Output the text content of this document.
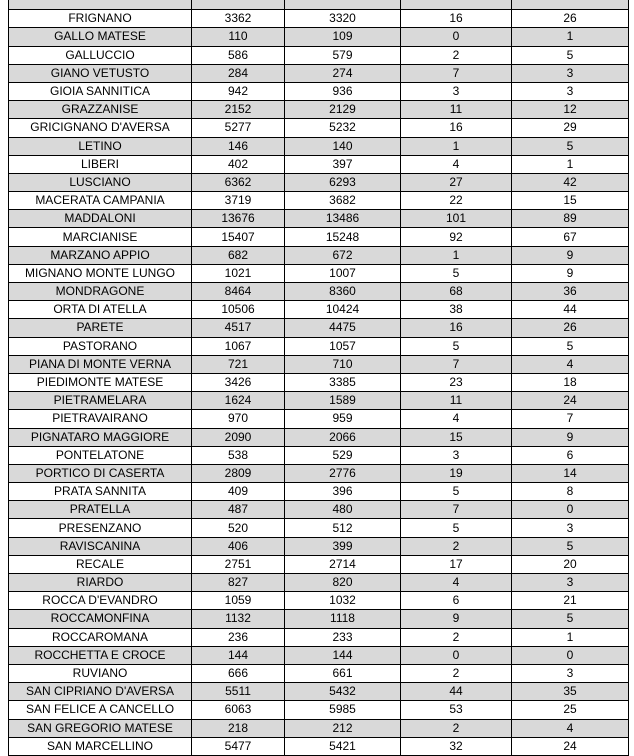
FRIGNANO	3362	3320	16	26
GALLO MATESE	110	109	0	1
GALLUCCIO	586	579	2	5
GIANO VETUSTO	284	274	7	3
GIOIA SANNITICA	942	936	3	3
GRAZZANISE	2152	2129	11	12
GRICIGNANO D'AVERSA	5277	5232	16	29
LETINO	146	140	1	5
LIBERI	402	397	4	1
LUSCIANO	6362	6293	27	42
MACERATA CAMPANIA	3719	3682	22	15
MADDALONI	13676	13486	101	89
MARCIANISE	15407	15248	92	67
MARZANO APPIO	682	672	1	9
MIGNANO MONTE LUNGO	1021	1007	5	9
MONDRAGONE	8464	8360	68	36
ORTA DI ATELLA	10506	10424	38	44
PARETE	4517	4475	16	26
PASTORANO	1067	1057	5	5
PIANA DI MONTE VERNA	721	710	7	4
PIEDIMONTE MATESE	3426	3385	23	18
PIETRAMELARA	1624	1589	11	24
PIETRAVAIRANO	970	959	4	7
PIGNATARO MAGGIORE	2090	2066	15	9
PONTELATONE	538	529	3	6
PORTICO DI CASERTA	2809	2776	19	14
PRATA SANNITA	409	396	5	8
PRATELLA	487	480	7	0
PRESENZANO	520	512	5	3
RAVISCANINA	406	399	2	5
RECALE	2751	2714	17	20
RIARDO	827	820	4	3
ROCCA D'EVANDRO	1059	1032	6	21
ROCCAMONFINA	1132	1118	9	5
ROCCAROMANA	236	233	2	1
ROCCHETTA E CROCE	144	144	0	0
RUVIANO	666	661	2	3
SAN CIPRIANO D'AVERSA	5511	5432	44	35
SAN FELICE A CANCELLO	6063	5985	53	25
SAN GREGORIO MATESE	218	212	2	4
SAN MARCELLINO	5477	5421	32	24
